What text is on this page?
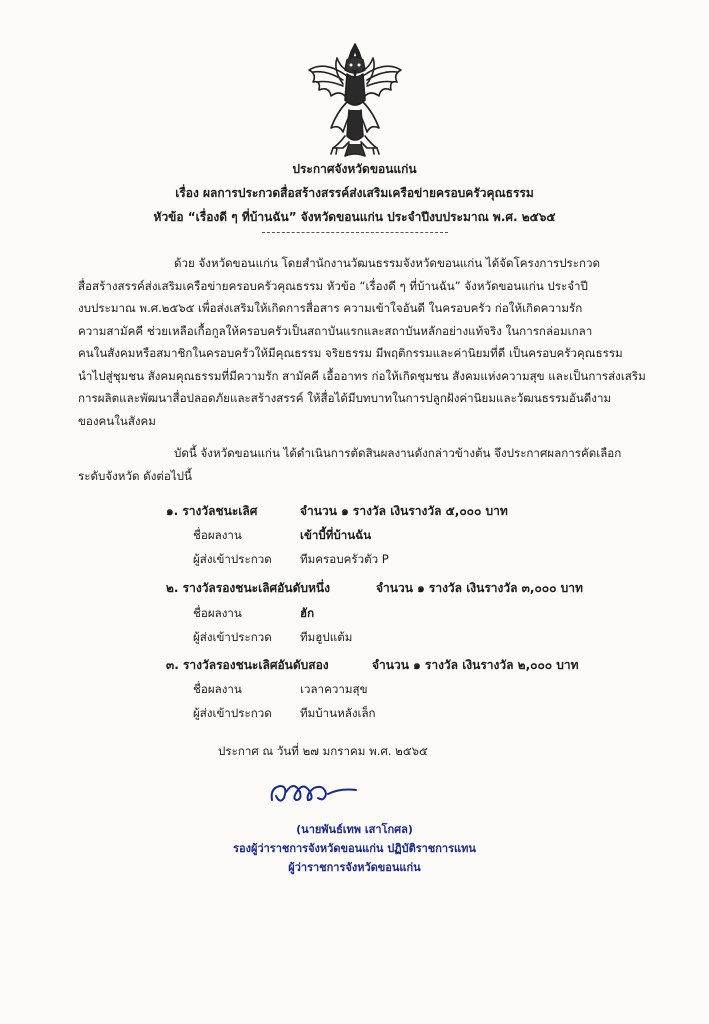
ประกาศจังหวัดขอนแก่น
เรื่อง ผลการประกวดสื่อสร้างสรรค์ส่งเสริมเครือข่ายครอบครัวคุณธรรม
หัวข้อ “เรื่องดี ๆ ที่บ้านฉัน” จังหวัดขอนแก่น ประจำปีงบประมาณ พ.ศ. ๒๕๖๕
ด้วย จังหวัดขอนแก่น โดยสำนักงานวัฒนธรรมจังหวัดขอนแก่น ได้จัดโครงการประกวด
สื่อสร้างสรรค์ส่งเสริมเครือข่ายครอบครัวคุณธรรม หัวข้อ “เรื่องดี ๆ ที่บ้านฉัน” จังหวัดขอนแก่น ประจำปี
งบประมาณ พ.ศ.๒๕๖๕ เพื่อส่งเสริมให้เกิดการสื่อสาร ความเข้าใจอันดี ในครอบครัว ก่อให้เกิดความรัก
ความสามัคคี ช่วยเหลือเกื้อกูลให้ครอบครัวเป็นสถาบันแรกและสถาบันหลักอย่างแท้จริง ในการกล่อมเกลา
คนในสังคมหรือสมาชิกในครอบครัวให้มีคุณธรรม จริยธรรม มีพฤติกรรมและค่านิยมที่ดี เป็นครอบครัวคุณธรรม
นำไปสู่ชุมชน สังคมคุณธรรมที่มีความรัก สามัคคี เอื้ออาทร ก่อให้เกิดชุมชน สังคมแห่งความสุข และเป็นการส่งเสริม
การผลิตและพัฒนาสื่อปลอดภัยและสร้างสรรค์ ให้สื่อได้มีบทบาทในการปลูกฝังค่านิยมและวัฒนธรรมอันดีงาม
ของคนในสังคม
บัดนี้ จังหวัดขอนแก่น ได้ดำเนินการตัดสินผลงานดังกล่าวข้างต้น จึงประกาศผลการคัดเลือก
ระดับจังหวัด ดังต่อไปนี้
๑. รางวัลชนะเลิศ	จำนวน ๑ รางวัล เงินรางวัล ๕,๐๐๐ บาท
ชื่อผลงาน	เข้าบี้ที่บ้านฉัน
ผู้ส่งเข้าประกวด ทีมครอบครัวตัว P
๒. รางวัลรองชนะเลิศอันดับหนึ่ง	จำนวน ๑ รางวัล เงินรางวัล ๓,๐๐๐ บาท
ชื่อผลงาน	ฮัก
ผู้ส่งเข้าประกวด ทีมฮูปแต้ม
๓. รางวัลรองชนะเลิศอันดับสอง	จำนวน ๑ รางวัล เงินรางวัล ๒,๐๐๐ บาท
ชื่อผลงาน	เวลาความสุข
ผู้ส่งเข้าประกวด ทีมบ้านหลังเล็ก
ประกาศ ณ วันที่ ๒๗ มกราคม พ.ศ. ๒๕๖๕
(นายพันธ์เทพ เสาโกศล)
รองผู้ว่าราชการจังหวัดขอนแก่น ปฏิบัติราชการแทน
ผู้ว่าราชการจังหวัดขอนแก่น
